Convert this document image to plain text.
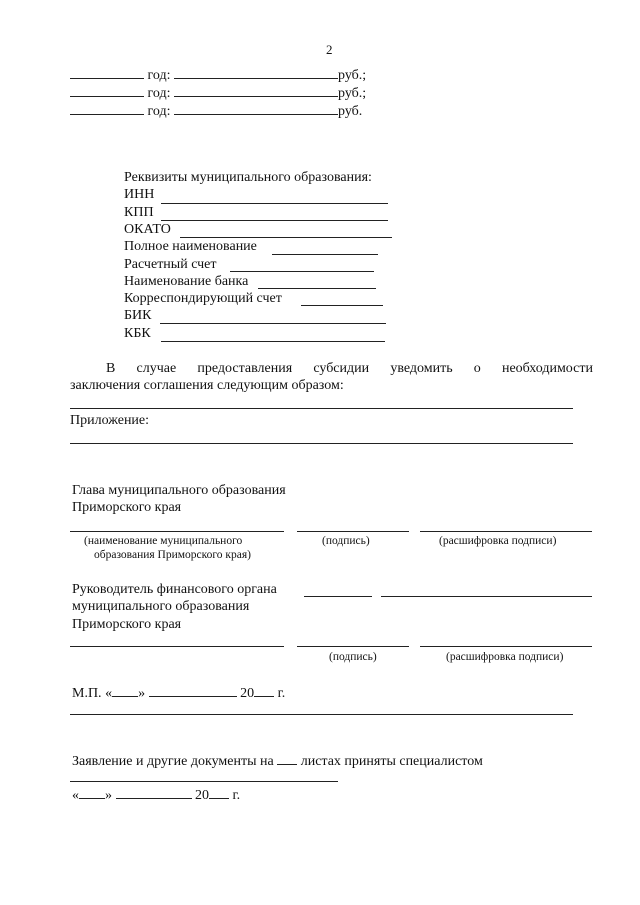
2
год:	руб.;
год:	руб.;
год:	руб.
Реквизиты муниципального образования:
ИНН
КПП
ОКАТО
Полное наименование
Расчетный счет
Наименование банка
Корреспондирующий счет
БИК
КБК
В случае предоставления субсидии уведомить о необходимости
заключения соглашения следующим образом:
Приложение:
Глава муниципального образования
Приморского края
(наименование муниципального
образования Приморского края)
(подпись)	(расшифровка подписи)
Руководитель финансового органа
муниципального образования
Приморского края
(подпись)	(расшифровка подписи)
М.П. « »	20 г.
Заявление и другие документы на листах приняты специалистом
« »	20 г.
